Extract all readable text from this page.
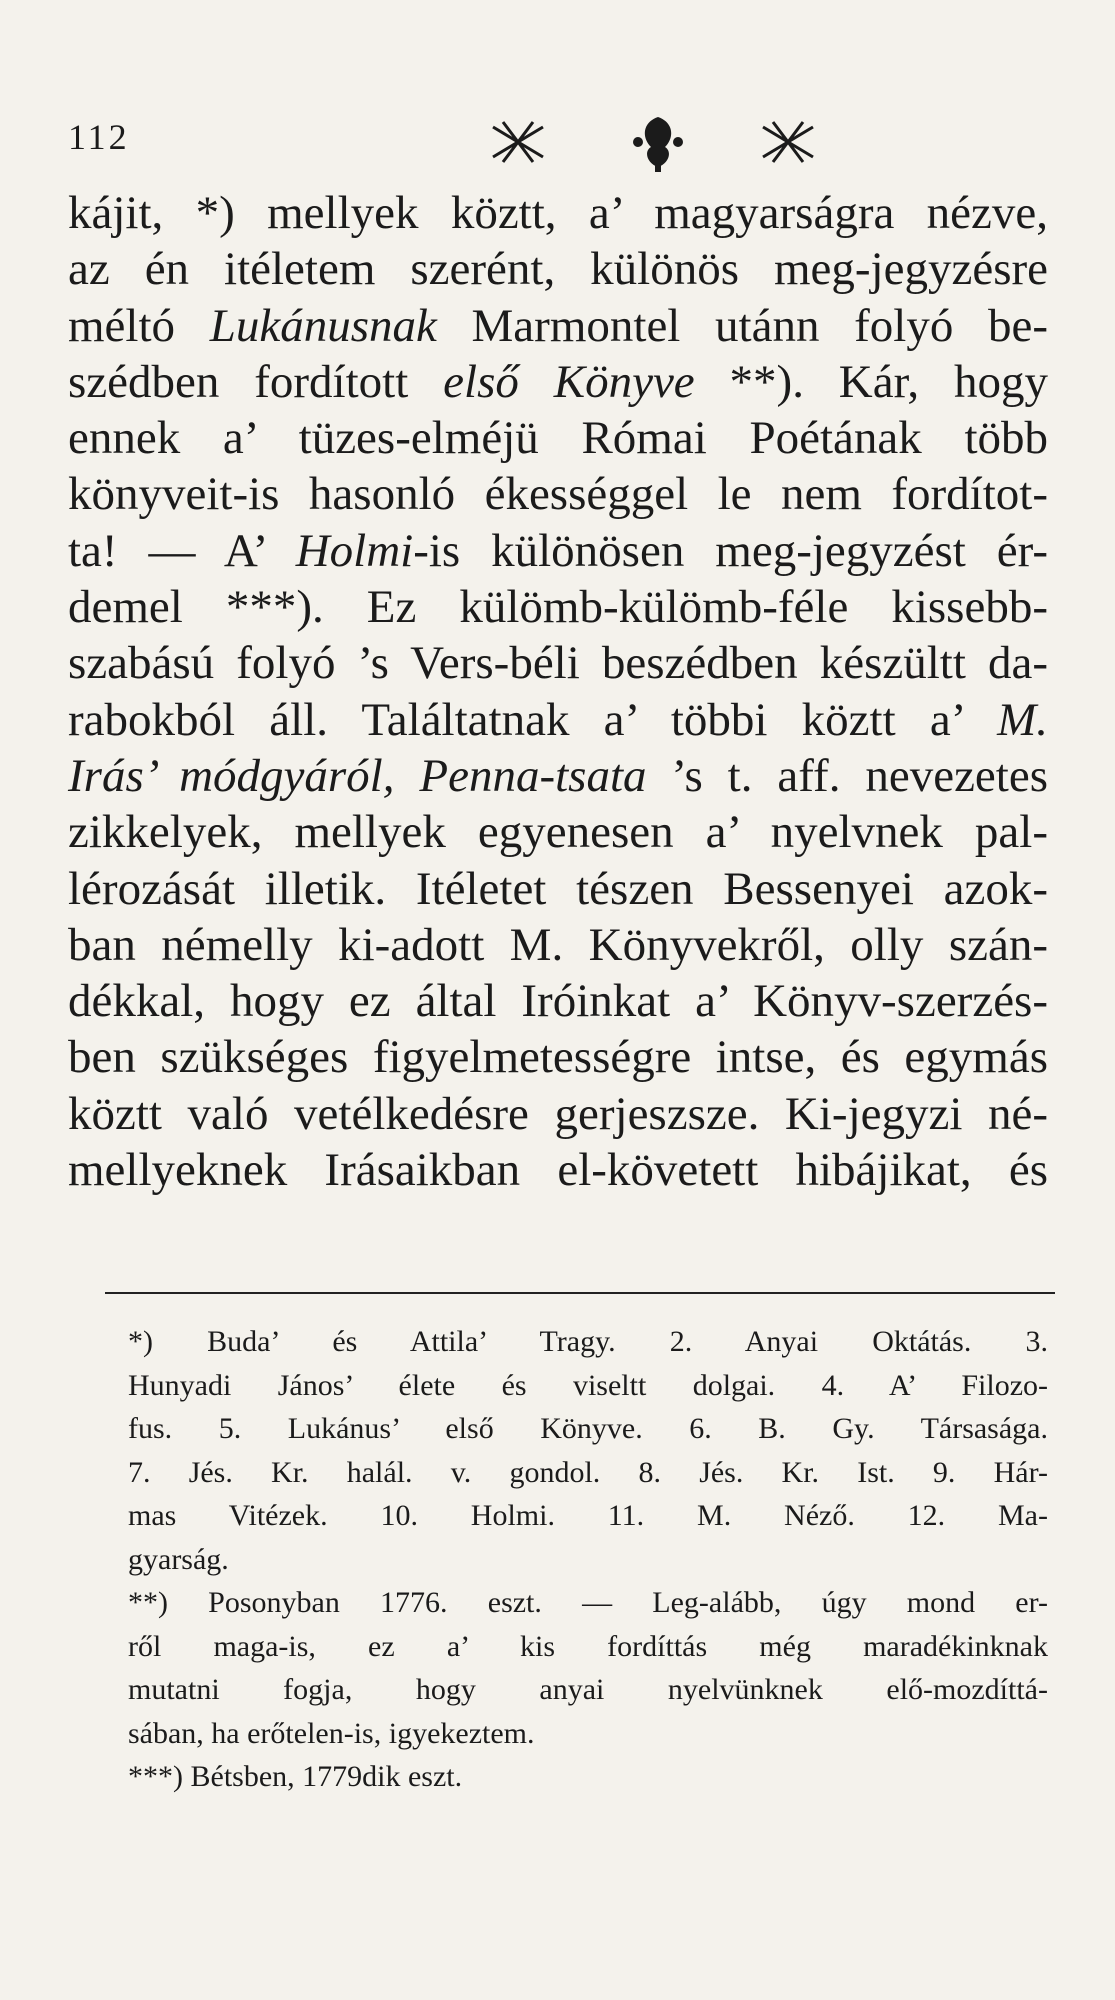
112
kájit, *) mellyek köztt, a’ magyarságra nézve,
az én itéletem szerént, különös meg-jegyzésre
méltó Lukánusnak Marmontel utánn folyó be-
szédben fordított első Könyve **). Kár, hogy
ennek a’ tüzes-elméjü Római Poétának több
könyveit-is hasonló ékességgel le nem fordítot-
ta! — A’ Holmi-is különösen meg-jegyzést ér-
demel ***). Ez külömb-külömb-féle kissebb-
szabású folyó ’s Vers-béli beszédben készültt da-
rabokból áll. Találtatnak a’ többi köztt a’ M.
Irás’ módgyáról, Penna-tsata ’s t. aff. nevezetes
zikkelyek, mellyek egyenesen a’ nyelvnek pal-
lérozását illetik. Itéletet tészen Bessenyei azok-
ban némelly ki-adott M. Könyvekről, olly szán-
dékkal, hogy ez által Iróinkat a’ Könyv-szerzés-
ben szükséges figyelmetességre intse, és egymás
köztt való vetélkedésre gerjeszsze. Ki-jegyzi né-
mellyeknek Irásaikban el-követett hibájikat, és
*) Buda’ és Attila’ Tragy. 2. Anyai Oktátás. 3.
Hunyadi János’ élete és viseltt dolgai. 4. A’ Filozo-
fus. 5. Lukánus’ első Könyve. 6. B. Gy. Társasága.
7. Jés. Kr. halál. v. gondol. 8. Jés. Kr. Ist. 9. Hár-
mas Vitézek. 10. Holmi. 11. M. Néző. 12. Ma-
gyarság.
**) Posonyban 1776. eszt. — Leg-alább, úgy mond er-
ről maga-is, ez a’ kis fordíttás még maradékinknak
mutatni fogja, hogy anyai nyelvünknek elő-mozdíttá-
sában, ha erőtelen-is, igyekeztem.
***) Bétsben, 1779dik eszt.
